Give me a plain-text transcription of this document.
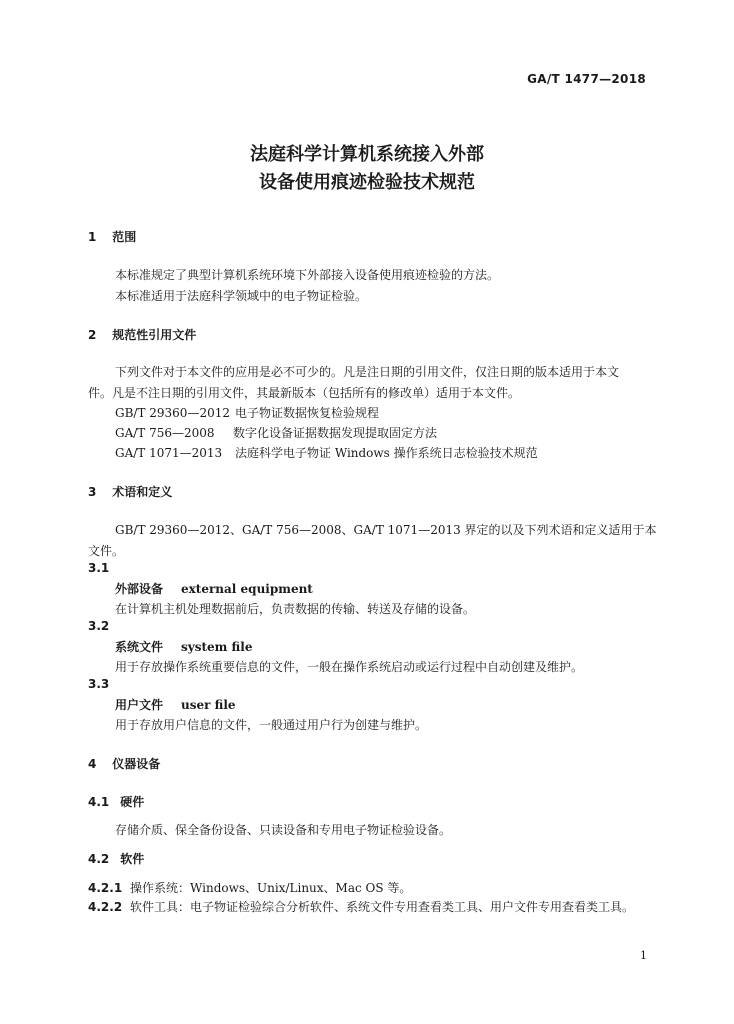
GA/T 1477—2018
法庭科学计算机系统接入外部
设备使用痕迹检验技术规范
1 范围
本标准规定了典型计算机系统环境下外部接入设备使用痕迹检验的方法。
本标准适用于法庭科学领域中的电子物证检验。
2 规范性引用文件
下列文件对于本文件的应用是必不可少的。凡是注日期的引用文件，仅注日期的版本适用于本文
件。凡是不注日期的引用文件，其最新版本（包括所有的修改单）适用于本文件。
GB/T 29360—2012 电子物证数据恢复检验规程
GA/T 756—2008 数字化设备证据数据发现提取固定方法
GA/T 1071—2013 法庭科学电子物证 Windows 操作系统日志检验技术规范
3 术语和定义
GB/T 29360—2012、GA/T 756—2008、GA/T 1071—2013 界定的以及下列术语和定义适用于本
文件。
3.1
外部设备 external equipment
在计算机主机处理数据前后，负责数据的传输、转送及存储的设备。
3.2
系统文件 system file
用于存放操作系统重要信息的文件，一般在操作系统启动或运行过程中自动创建及维护。
3.3
用户文件 user file
用于存放用户信息的文件，一般通过用户行为创建与维护。
4 仪器设备
4.1 硬件
存储介质、保全备份设备、只读设备和专用电子物证检验设备。
4.2 软件
4.2.1 操作系统：Windows、Unix/Linux、Mac OS 等。
4.2.2 软件工具：电子物证检验综合分析软件、系统文件专用查看类工具、用户文件专用查看类工具。
1
